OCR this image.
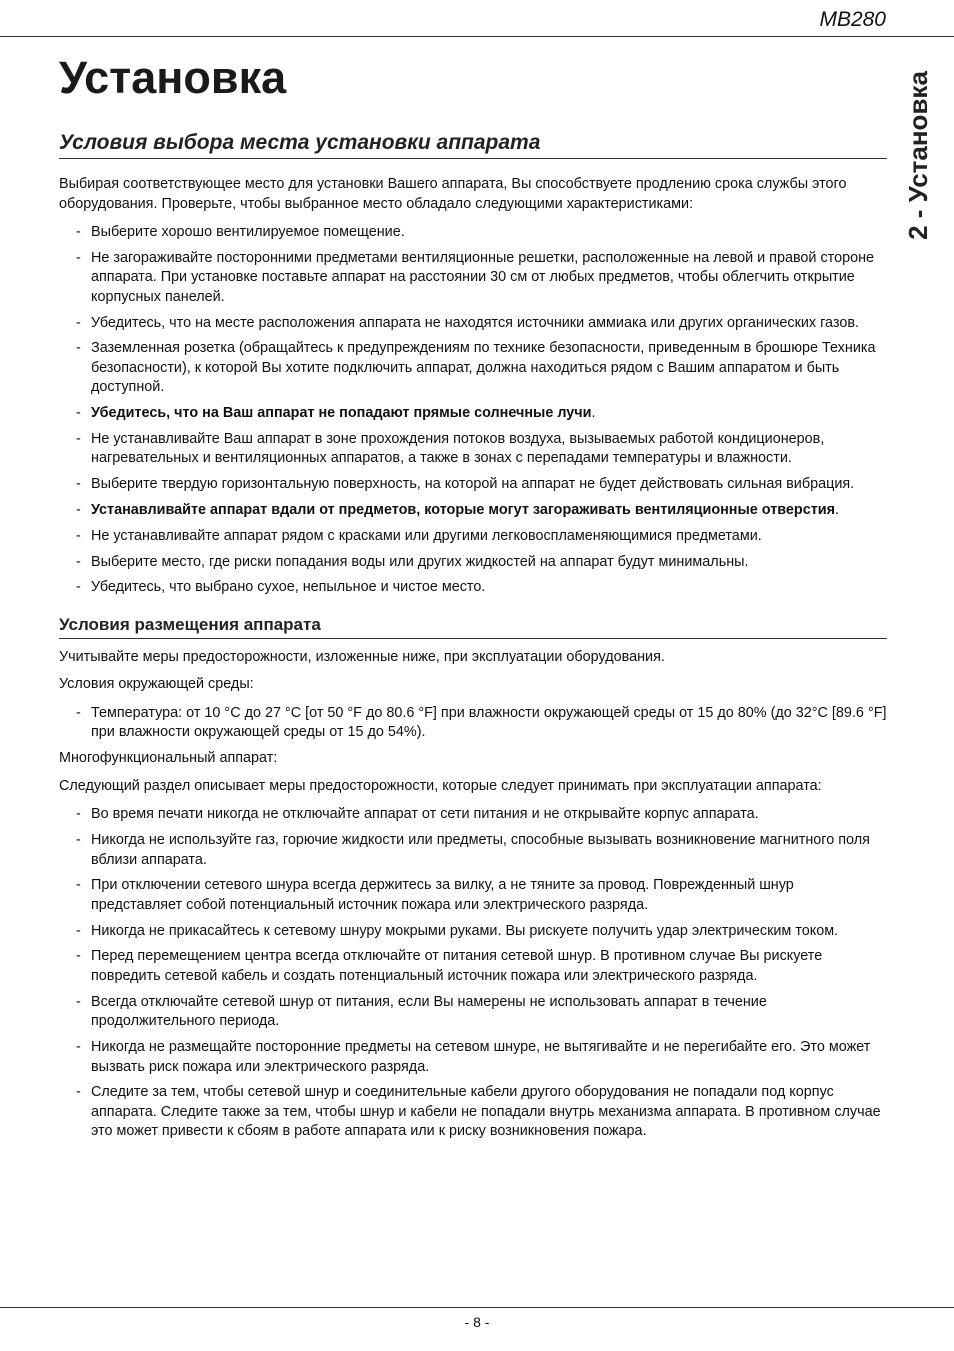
MB280
2 - Установка
Установка
Условия выбора места установки аппарата

Выбирая соответствующее место для установки Вашего аппарата, Вы способствуете продлению срока службы этого оборудования. Проверьте, чтобы выбранное место обладало следующими характеристиками:

- Выберите хорошо вентилируемое помещение.
- Не загораживайте посторонними предметами вентиляционные решетки, расположенные на левой и правой стороне аппарата. При установке поставьте аппарат на расстоянии 30 см от любых предметов, чтобы облегчить открытие корпусных панелей.
- Убедитесь, что на месте расположения аппарата не находятся источники аммиака или других органических газов.
- Заземленная розетка (обращайтесь к предупреждениям по технике безопасности, приведенным в брошюре Техника безопасности), к которой Вы хотите подключить аппарат, должна находиться рядом с Вашим аппаратом и быть доступной.
- Убедитесь, что на Ваш аппарат не попадают прямые солнечные лучи.
- Не устанавливайте Ваш аппарат в зоне прохождения потоков воздуха, вызываемых работой кондиционеров, нагревательных и вентиляционных аппаратов, а также в зонах с перепадами температуры и влажности.
- Выберите твердую горизонтальную поверхность, на которой на аппарат не будет действовать сильная вибрация.
- Устанавливайте аппарат вдали от предметов, которые могут загораживать вентиляционные отверстия.
- Не устанавливайте аппарат рядом с красками или другими легковоспламеняющимися предметами.
- Выберите место, где риски попадания воды или других жидкостей на аппарат будут минимальны.
- Убедитесь, что выбрано сухое, непыльное и чистое место.
Условия размещения аппарата

Учитывайте меры предосторожности, изложенные ниже, при эксплуатации оборудования.

Условия окружающей среды:

- Температура: от 10 °C до 27 °C [от 50 °F до 80.6 °F] при влажности окружающей среды от 15 до 80% (до 32°C [89.6 °F] при влажности окружающей среды от 15 до 54%).

Многофункциональный аппарат:

Следующий раздел описывает меры предосторожности, которые следует принимать при эксплуатации аппарата:

- Во время печати никогда не отключайте аппарат от сети питания и не открывайте корпус аппарата.
- Никогда не используйте газ, горючие жидкости или предметы, способные вызывать возникновение магнитного поля вблизи аппарата.
- При отключении сетевого шнура всегда держитесь за вилку, а не тяните за провод. Поврежденный шнур представляет собой потенциальный источник пожара или электрического разряда.
- Никогда не прикасайтесь к сетевому шнуру мокрыми руками. Вы рискуете получить удар электрическим током.
- Перед перемещением центра всегда отключайте от питания сетевой шнур. В противном случае Вы рискуете повредить сетевой кабель и создать потенциальный источник пожара или электрического разряда.
- Всегда отключайте сетевой шнур от питания, если Вы намерены не использовать аппарат в течение продолжительного периода.
- Никогда не размещайте посторонние предметы на сетевом шнуре, не вытягивайте и не перегибайте его. Это может вызвать риск пожара или электрического разряда.
- Следите за тем, чтобы сетевой шнур и соединительные кабели другого оборудования не попадали под корпус аппарата. Следите также за тем, чтобы шнур и кабели не попадали внутрь механизма аппарата. В противном случае это может привести к сбоям в работе аппарата или к риску возникновения пожара.
- 8 -
